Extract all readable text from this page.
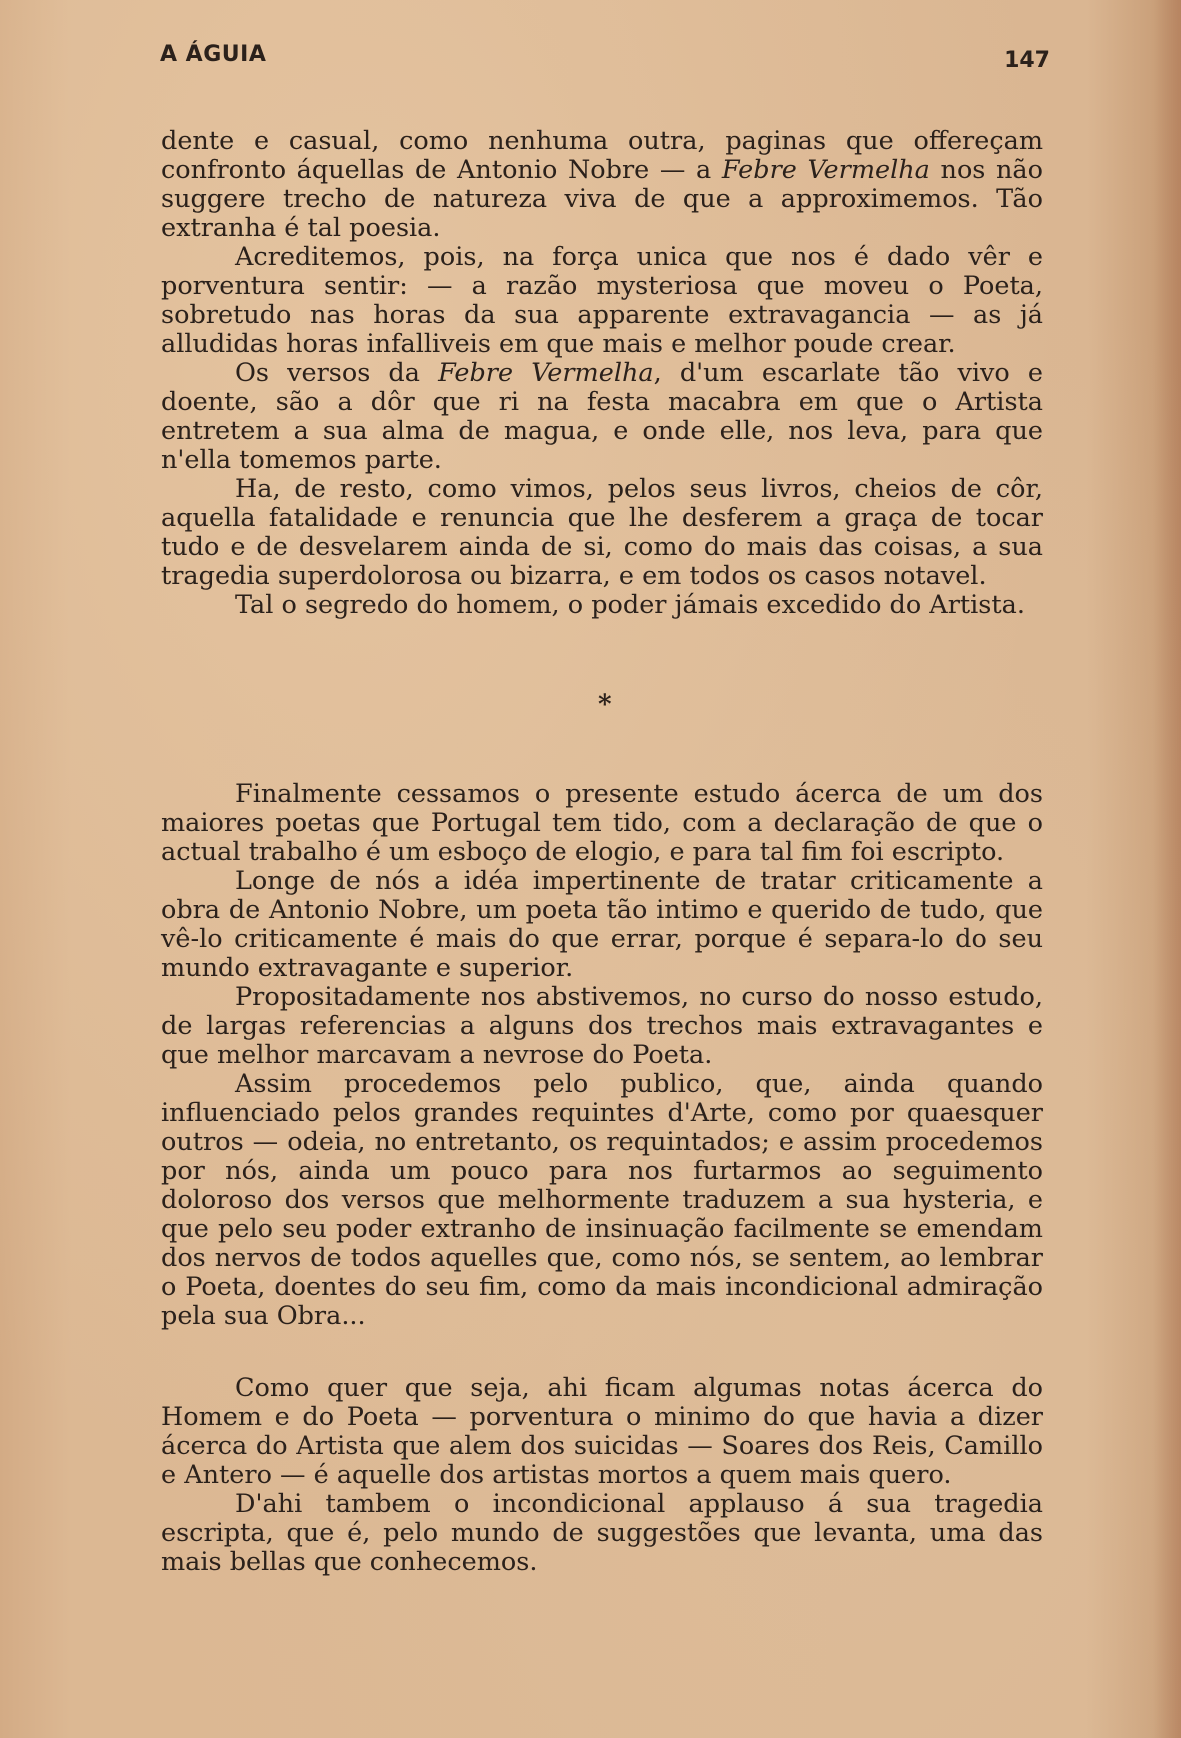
A ÁGUIA	147

dente e casual, como nenhuma outra, paginas que offereçam confronto áquellas de Antonio Nobre — a Febre Vermelha nos não suggere trecho de natureza viva de que a approximemos. Tão extranha é tal poesia.

Acreditemos, pois, na força unica que nos é dado vêr e porventura sentir: — a razão mysteriosa que moveu o Poeta, sobretudo nas horas da sua apparente extravagancia — as já alludidas horas infalliveis em que mais e melhor poude crear.

Os versos da Febre Vermelha, d'um escarlate tão vivo e doente, são a dôr que ri na festa macabra em que o Artista entretem a sua alma de magua, e onde elle, nos leva, para que n'ella tomemos parte.

Ha, de resto, como vimos, pelos seus livros, cheios de côr, aquella fatalidade e renuncia que lhe desferem a graça de tocar tudo e de desvelarem ainda de si, como do mais das coisas, a sua tragedia superdolorosa ou bizarra, e em todos os casos notavel.

Tal o segredo do homem, o poder jámais excedido do Artista.

*

Finalmente cessamos o presente estudo ácerca de um dos maiores poetas que Portugal tem tido, com a declaração de que o actual trabalho é um esboço de elogio, e para tal fim foi escripto.

Longe de nós a idéa impertinente de tratar criticamente a obra de Antonio Nobre, um poeta tão intimo e querido de tudo, que vê-lo criticamente é mais do que errar, porque é separa-lo do seu mundo extravagante e superior.

Propositadamente nos abstivemos, no curso do nosso estudo, de largas referencias a alguns dos trechos mais extravagantes e que melhor marcavam a nevrose do Poeta.

Assim procedemos pelo publico, que, ainda quando influenciado pelos grandes requintes d'Arte, como por quaesquer outros — odeia, no entretanto, os requintados; e assim procedemos por nós, ainda um pouco para nos furtarmos ao seguimento doloroso dos versos que melhormente traduzem a sua hysteria, e que pelo seu poder extranho de insinuação facilmente se emendam dos nervos de todos aquelles que, como nós, se sentem, ao lembrar o Poeta, doentes do seu fim, como da mais incondicional admiração pela sua Obra...

Como quer que seja, ahi ficam algumas notas ácerca do Homem e do Poeta — porventura o minimo do que havia a dizer ácerca do Artista que alem dos suicidas — Soares dos Reis, Camillo e Antero — é aquelle dos artistas mortos a quem mais quero.

D'ahi tambem o incondicional applauso á sua tragedia escripta, que é, pelo mundo de suggestões que levanta, uma das mais bellas que conhecemos.
